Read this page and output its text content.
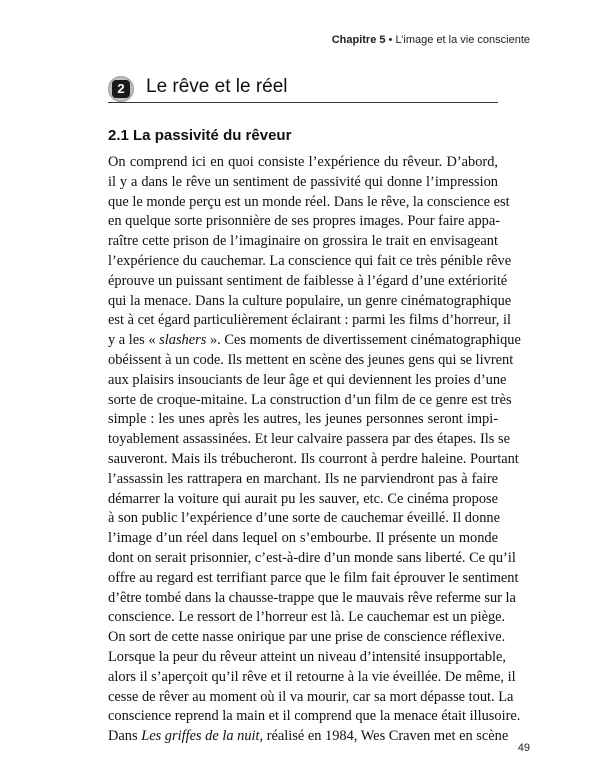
Chapitre 5 • L’image et la vie consciente
2 Le rêve et le réel
2.1 La passivité du rêveur
On comprend ici en quoi consiste l’expérience du rêveur. D’abord,
il y a dans le rêve un sentiment de passivité qui donne l’impression
que le monde perçu est un monde réel. Dans le rêve, la conscience est
en quelque sorte prisonnière de ses propres images. Pour faire appa-
raître cette prison de l’imaginaire on grossira le trait en envisageant
l’expérience du cauchemar. La conscience qui fait ce très pénible rêve
éprouve un puissant sentiment de faiblesse à l’égard d’une extériorité
qui la menace. Dans la culture populaire, un genre cinématographique
est à cet égard particulièrement éclairant : parmi les films d’horreur, il
y a les « slashers ». Ces moments de divertissement cinématographique
obéissent à un code. Ils mettent en scène des jeunes gens qui se livrent
aux plaisirs insouciants de leur âge et qui deviennent les proies d’une
sorte de croque-mitaine. La construction d’un film de ce genre est très
simple : les unes après les autres, les jeunes personnes seront impi-
toyablement assassinées. Et leur calvaire passera par des étapes. Ils se
sauveront. Mais ils trébucheront. Ils courront à perdre haleine. Pourtant
l’assassin les rattrapera en marchant. Ils ne parviendront pas à faire
démarrer la voiture qui aurait pu les sauver, etc. Ce cinéma propose
à son public l’expérience d’une sorte de cauchemar éveillé. Il donne
l’image d’un réel dans lequel on s’embourbe. Il présente un monde
dont on serait prisonnier, c’est-à-dire d’un monde sans liberté. Ce qu’il
offre au regard est terrifiant parce que le film fait éprouver le sentiment
d’être tombé dans la chausse-trappe que le mauvais rêve referme sur la
conscience. Le ressort de l’horreur est là. Le cauchemar est un piège.
On sort de cette nasse onirique par une prise de conscience réflexive.
Lorsque la peur du rêveur atteint un niveau d’intensité insupportable,
alors il s’aperçoit qu’il rêve et il retourne à la vie éveillée. De même, il
cesse de rêver au moment où il va mourir, car sa mort dépasse tout. La
conscience reprend la main et il comprend que la menace était illusoire.
Dans Les griffes de la nuit, réalisé en 1984, Wes Craven met en scène
49
